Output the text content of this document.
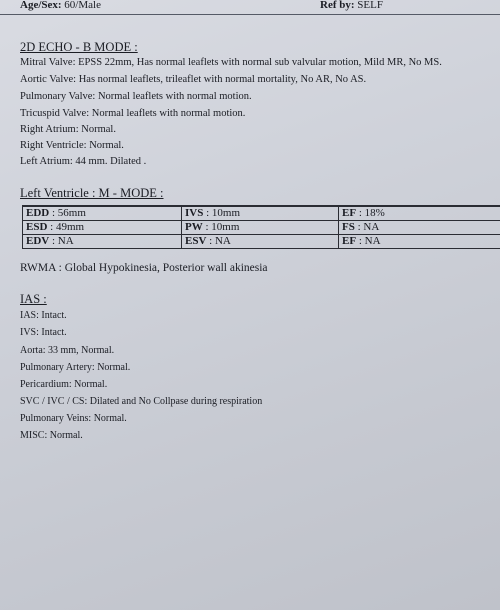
Age/Sex: 60/Male	Ref by: SELF
2D ECHO - B MODE :
Mitral Valve: EPSS 22mm, Has normal leaflets with normal sub valvular motion, Mild MR, No MS.
Aortic Valve: Has normal leaflets, trileaflet with normal mortality, No AR, No AS.
Pulmonary Valve: Normal leaflets with normal motion.
Tricuspid Valve: Normal leaflets with normal motion.
Right Atrium: Normal.
Right Ventricle: Normal.
Left Atrium: 44 mm. Dilated .
Left Ventricle : M - MODE :
EDD : 56mm	IVS : 10mm	EF : 18%
ESD : 49mm	PW : 10mm	FS : NA
EDV : NA	ESV : NA	EF : NA
RWMA : Global Hypokinesia, Posterior wall akinesia
IAS :
IAS: Intact.
IVS: Intact.
Aorta: 33 mm, Normal.
Pulmonary Artery: Normal.
Pericardium: Normal.
SVC / IVC / CS: Dilated and No Collpase during respiration
Pulmonary Veins: Normal.
MISC: Normal.
